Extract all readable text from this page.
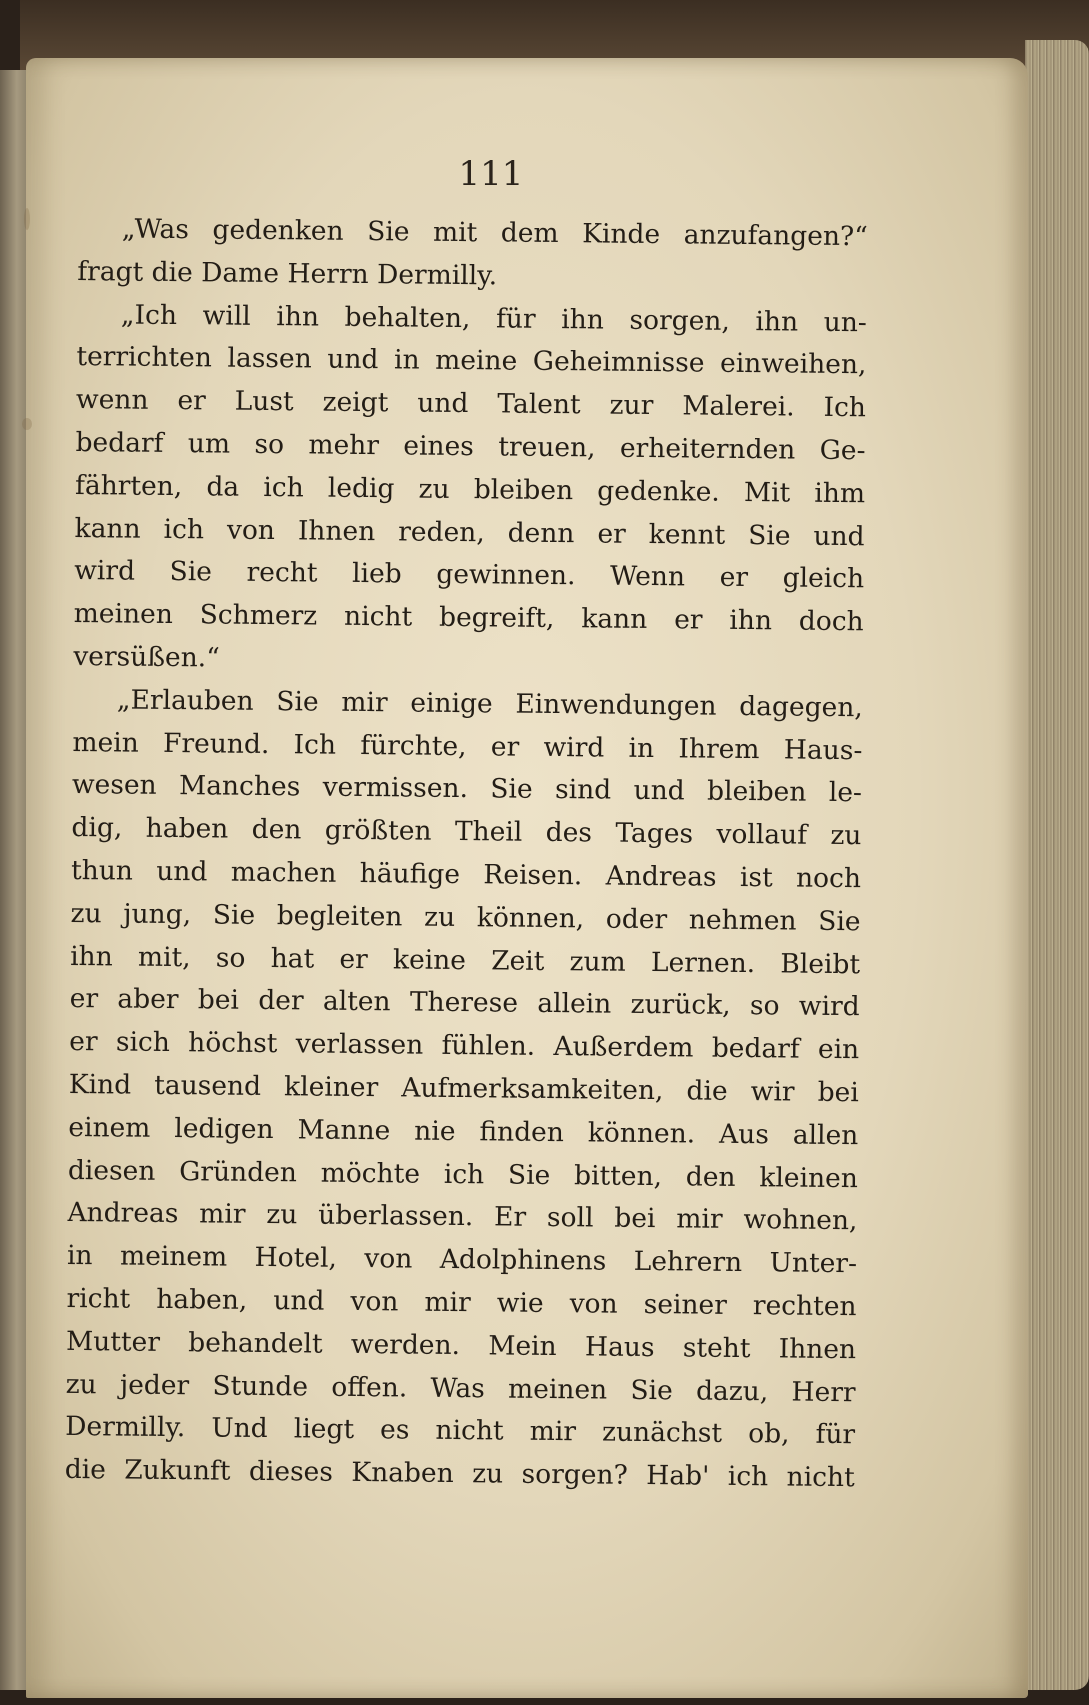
111
„Was gedenken Sie mit dem Kinde anzufangen?“
fragt die Dame Herrn Dermilly.
„Ich will ihn behalten, für ihn sorgen, ihn un-
terrichten lassen und in meine Geheimnisse einweihen,
wenn er Lust zeigt und Talent zur Malerei. Ich
bedarf um so mehr eines treuen, erheiternden Ge-
fährten, da ich ledig zu bleiben gedenke. Mit ihm
kann ich von Ihnen reden, denn er kennt Sie und
wird Sie recht lieb gewinnen. Wenn er gleich
meinen Schmerz nicht begreift, kann er ihn doch
versüßen.“
„Erlauben Sie mir einige Einwendungen dagegen,
mein Freund. Ich fürchte, er wird in Ihrem Haus-
wesen Manches vermissen. Sie sind und bleiben le-
dig, haben den größten Theil des Tages vollauf zu
thun und machen häufige Reisen. Andreas ist noch
zu jung, Sie begleiten zu können, oder nehmen Sie
ihn mit, so hat er keine Zeit zum Lernen. Bleibt
er aber bei der alten Therese allein zurück, so wird
er sich höchst verlassen fühlen. Außerdem bedarf ein
Kind tausend kleiner Aufmerksamkeiten, die wir bei
einem ledigen Manne nie finden können. Aus allen
diesen Gründen möchte ich Sie bitten, den kleinen
Andreas mir zu überlassen. Er soll bei mir wohnen,
in meinem Hotel, von Adolphinens Lehrern Unter-
richt haben, und von mir wie von seiner rechten
Mutter behandelt werden. Mein Haus steht Ihnen
zu jeder Stunde offen. Was meinen Sie dazu, Herr
Dermilly. Und liegt es nicht mir zunächst ob, für
die Zukunft dieses Knaben zu sorgen? Hab' ich nicht
